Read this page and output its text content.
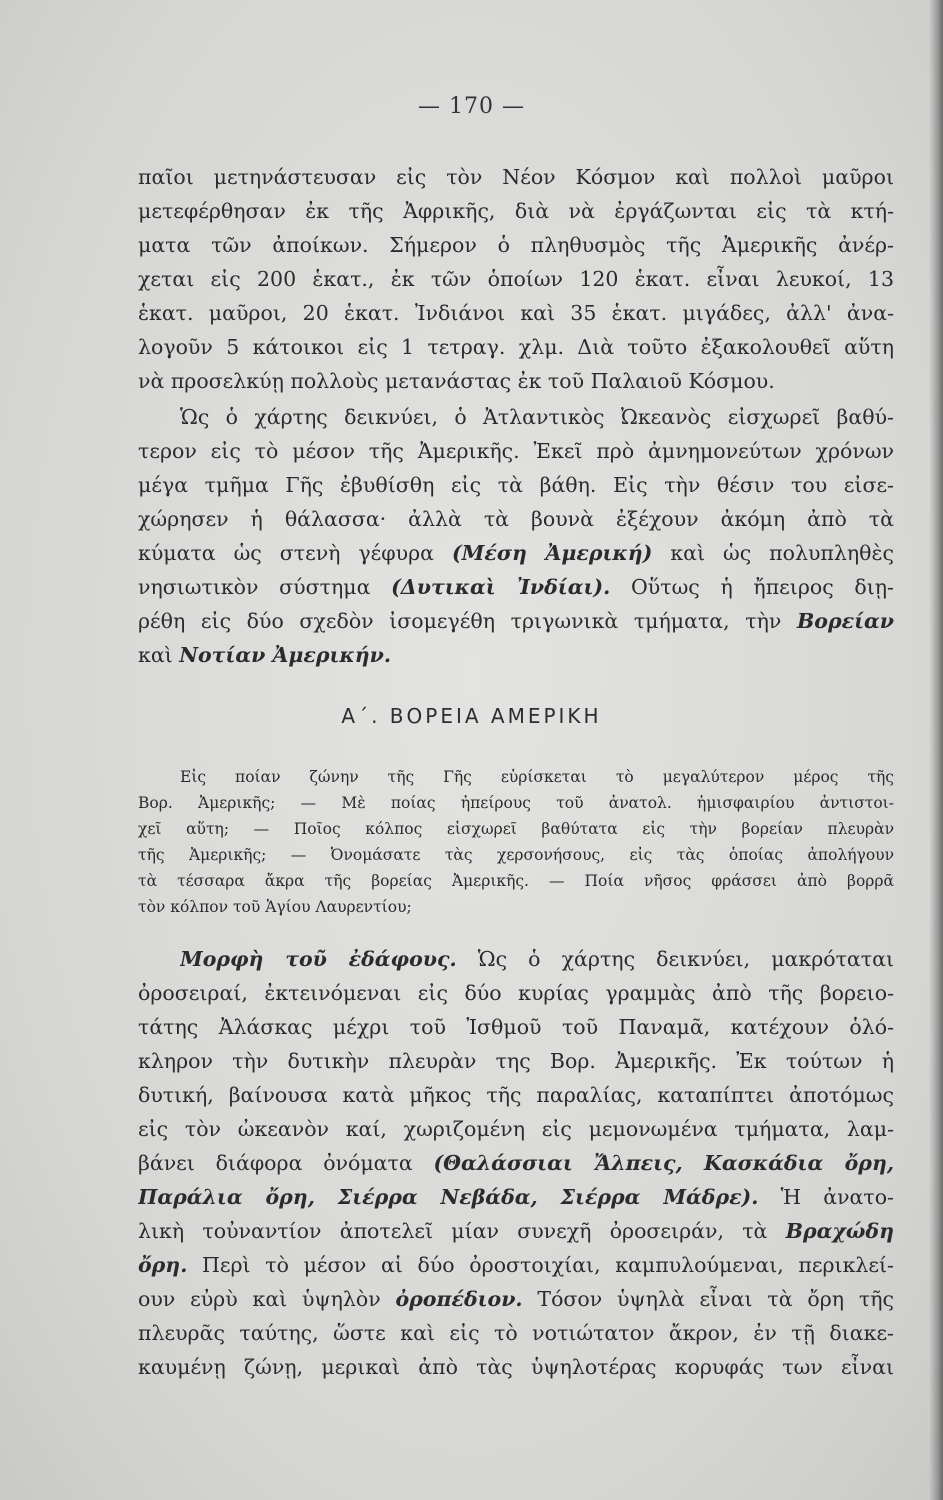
— 170 —
παῖοι μετηνάστευσαν εἰς τὸν Νέον Κόσμον καὶ πολλοὶ μαῦροι
μετεφέρθησαν ἐκ τῆς Ἀφρικῆς, διὰ νὰ ἐργάζωνται εἰς τὰ κτή-
ματα τῶν ἀποίκων. Σήμερον ὁ πληθυσμὸς τῆς Ἀμερικῆς ἀνέρ-
χεται εἰς 200 ἑκατ., ἐκ τῶν ὁποίων 120 ἑκατ. εἶναι λευκοί, 13
ἑκατ. μαῦροι, 20 ἑκατ. Ἰνδιάνοι καὶ 35 ἑκατ. μιγάδες, ἀλλ' ἀνα-
λογοῦν 5 κάτοικοι εἰς 1 τετραγ. χλμ. Διὰ τοῦτο ἐξακολουθεῖ αὕτη
νὰ προσελκύῃ πολλοὺς μετανάστας ἐκ τοῦ Παλαιοῦ Κόσμου.
Ὡς ὁ χάρτης δεικνύει, ὁ Ἀτλαντικὸς Ὠκεανὸς εἰσχωρεῖ βαθύ-
τερον εἰς τὸ μέσον τῆς Ἀμερικῆς. Ἐκεῖ πρὸ ἀμνημονεύτων χρόνων
μέγα τμῆμα Γῆς ἐβυθίσθη εἰς τὰ βάθη. Εἰς τὴν θέσιν του εἰσε-
χώρησεν ἡ θάλασσα· ἀλλὰ τὰ βουνὰ ἐξέχουν ἀκόμη ἀπὸ τὰ
κύματα ὡς στενὴ γέφυρα (Μέση Ἀμερική) καὶ ὡς πολυπληθὲς
νησιωτικὸν σύστημα (Δυτικαὶ Ἰνδίαι). Οὕτως ἡ ἤπειρος διῃ-
ρέθη εἰς δύο σχεδὸν ἰσομεγέθη τριγωνικὰ τμήματα, τὴν Βορείαν
καὶ Νοτίαν Ἀμερικήν.
Α΄. ΒΟΡΕΙΑ ΑΜΕΡΙΚΗ
Εἰς ποίαν ζώνην τῆς Γῆς εὑρίσκεται τὸ μεγαλύτερον μέρος τῆς
Βορ. Ἀμερικῆς; — Μὲ ποίας ἠπείρους τοῦ ἀνατολ. ἡμισφαιρίου ἀντιστοι-
χεῖ αὕτη; — Ποῖος κόλπος εἰσχωρεῖ βαθύτατα εἰς τὴν βορείαν πλευρὰν
τῆς Ἀμερικῆς; — Ὀνομάσατε τὰς χερσονήσους, εἰς τὰς ὁποίας ἀπολήγουν
τὰ τέσσαρα ἄκρα τῆς βορείας Ἀμερικῆς. — Ποία νῆσος φράσσει ἀπὸ βορρᾶ
τὸν κόλπον τοῦ Ἁγίου Λαυρεντίου;
Μορφὴ τοῦ ἐδάφους. Ὡς ὁ χάρτης δεικνύει, μακρόταται
ὀροσειραί, ἐκτεινόμεναι εἰς δύο κυρίας γραμμὰς ἀπὸ τῆς βορειο-
τάτης Ἀλάσκας μέχρι τοῦ Ἰσθμοῦ τοῦ Παναμᾶ, κατέχουν ὁλό-
κληρον τὴν δυτικὴν πλευρὰν της Βορ. Ἀμερικῆς. Ἐκ τούτων ἡ
δυτική, βαίνουσα κατὰ μῆκος τῆς παραλίας, καταπίπτει ἀποτόμως
εἰς τὸν ὠκεανὸν καί, χωριζομένη εἰς μεμονωμένα τμήματα, λαμ-
βάνει διάφορα ὀνόματα (Θαλάσσιαι Ἄλπεις, Κασκάδια ὄρη,
Παράλια ὄρη, Σιέρρα Νεβάδα, Σιέρρα Μάδρε). Ἡ ἀνατο-
λικὴ τοὐναντίον ἀποτελεῖ μίαν συνεχῆ ὀροσειράν, τὰ Βραχώδη
ὄρη. Περὶ τὸ μέσον αἱ δύο ὀροστοιχίαι, καμπυλούμεναι, περικλεί-
ουν εὐρὺ καὶ ὑψηλὸν ὀροπέδιον. Τόσον ὑψηλὰ εἶναι τὰ ὄρη τῆς
πλευρᾶς ταύτης, ὥστε καὶ εἰς τὸ νοτιώτατον ἄκρον, ἐν τῇ διακε-
καυμένῃ ζώνῃ, μερικαὶ ἀπὸ τὰς ὑψηλοτέρας κορυφάς των εἶναι
